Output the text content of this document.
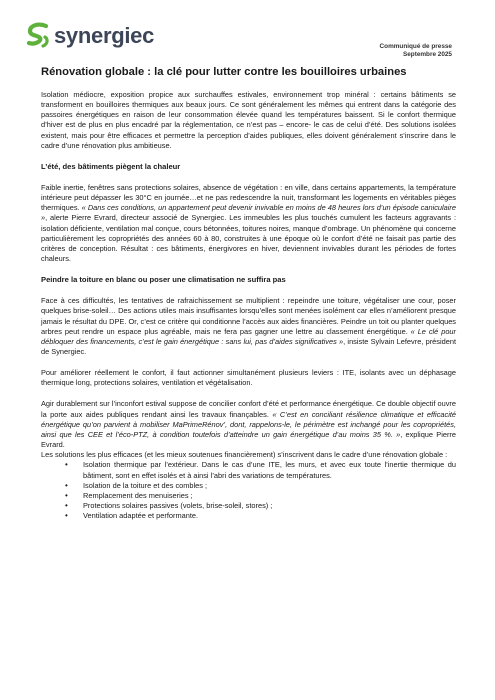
synergiec	Communiqué de presse
Septembre 2025
Rénovation globale : la clé pour lutter contre les bouilloires urbaines

Isolation médiocre, exposition propice aux surchauffes estivales, environnement trop minéral : certains bâtiments se transforment en bouilloires thermiques aux beaux jours. Ce sont généralement les mêmes qui entrent dans la catégorie des passoires énergétiques en raison de leur consommation élevée quand les températures baissent. Si le confort thermique d’hiver est de plus en plus encadré par la réglementation, ce n’est pas – encore- le cas de celui d’été. Des solutions isolées existent, mais pour être efficaces et permettre la perception d’aides publiques, elles doivent généralement s’inscrire dans le cadre d’une rénovation plus ambitieuse.

L’été, des bâtiments piègent la chaleur

Faible inertie, fenêtres sans protections solaires, absence de végétation : en ville, dans certains appartements, la température intérieure peut dépasser les 30°C en journée…et ne pas redescendre la nuit, transformant les logements en véritables pièges thermiques. « Dans ces conditions, un appartement peut devenir invivable en moins de 48 heures lors d’un épisode caniculaire », alerte Pierre Evrard, directeur associé de Synergiec. Les immeubles les plus touchés cumulent les facteurs aggravants : isolation déficiente, ventilation mal conçue, cours bétonnées, toitures noires, manque d’ombrage. Un phénomène qui concerne particulièrement les copropriétés des années 60 à 80, construites à une époque où le confort d’été ne faisait pas partie des critères de conception. Résultat : ces bâtiments, énergivores en hiver, deviennent invivables durant les périodes de fortes chaleurs.

Peindre la toiture en blanc ou poser une climatisation ne suffira pas

Face à ces difficultés, les tentatives de rafraichissement se multiplient : repeindre une toiture, végétaliser une cour, poser quelques brise-soleil… Des actions utiles mais insuffisantes lorsqu’elles sont menées isolément car elles n’améliorent presque jamais le résultat du DPE. Or, c’est ce critère qui conditionne l’accès aux aides financières. Peindre un toit ou planter quelques arbres peut rendre un espace plus agréable, mais ne fera pas gagner une lettre au classement énergétique. « Le clé pour débloquer des financements, c’est le gain énergétique : sans lui, pas d’aides significatives », insiste Sylvain Lefevre, président de Synergiec.

Pour améliorer réellement le confort, il faut actionner simultanément plusieurs leviers : ITE, isolants avec un déphasage thermique long, protections solaires, ventilation et végétalisation.

Agir durablement sur l’inconfort estival suppose de concilier confort d’été et performance énergétique. Ce double objectif ouvre la porte aux aides publiques rendant ainsi les travaux finançables. « C’est en conciliant résilience climatique et efficacité énergétique qu’on parvient à mobiliser MaPrimeRénov’, dont, rappelons-le, le périmètre est inchangé pour les copropriétés, ainsi que les CEE et l’éco-PTZ, à condition toutefois d’atteindre un gain énergétique d’au moins 35 %. », explique Pierre Evrard.

Les solutions les plus efficaces (et les mieux soutenues financièrement) s’inscrivent dans le cadre d’une rénovation globale :

• Isolation thermique par l’extérieur. Dans le cas d’une ITE, les murs, et avec eux toute l’inertie thermique du bâtiment, sont en effet isolés et à ainsi l’abri des variations de températures.
• Isolation de la toiture et des combles ;
• Remplacement des menuiseries ;
• Protections solaires passives (volets, brise-soleil, stores) ;
• Ventilation adaptée et performante.
